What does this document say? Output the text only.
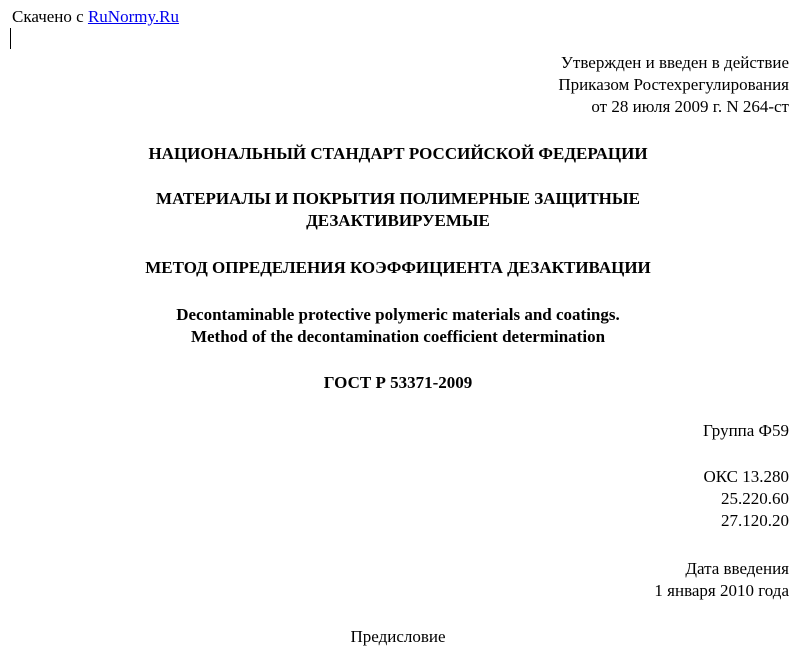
Скачено с RuNormy.Ru
Утвержден и введен в действие
Приказом Ростехрегулирования
от 28 июля 2009 г. N 264-ст
НАЦИОНАЛЬНЫЙ СТАНДАРТ РОССИЙСКОЙ ФЕДЕРАЦИИ
МАТЕРИАЛЫ И ПОКРЫТИЯ ПОЛИМЕРНЫЕ ЗАЩИТНЫЕ
ДЕЗАКТИВИРУЕМЫЕ
МЕТОД ОПРЕДЕЛЕНИЯ КОЭФФИЦИЕНТА ДЕЗАКТИВАЦИИ
Decontaminable protective polymeric materials and coatings.
Method of the decontamination coefficient determination
ГОСТ Р 53371-2009
Группа Ф59
ОКС 13.280
25.220.60
27.120.20
Дата введения
1 января 2010 года
Предисловие
